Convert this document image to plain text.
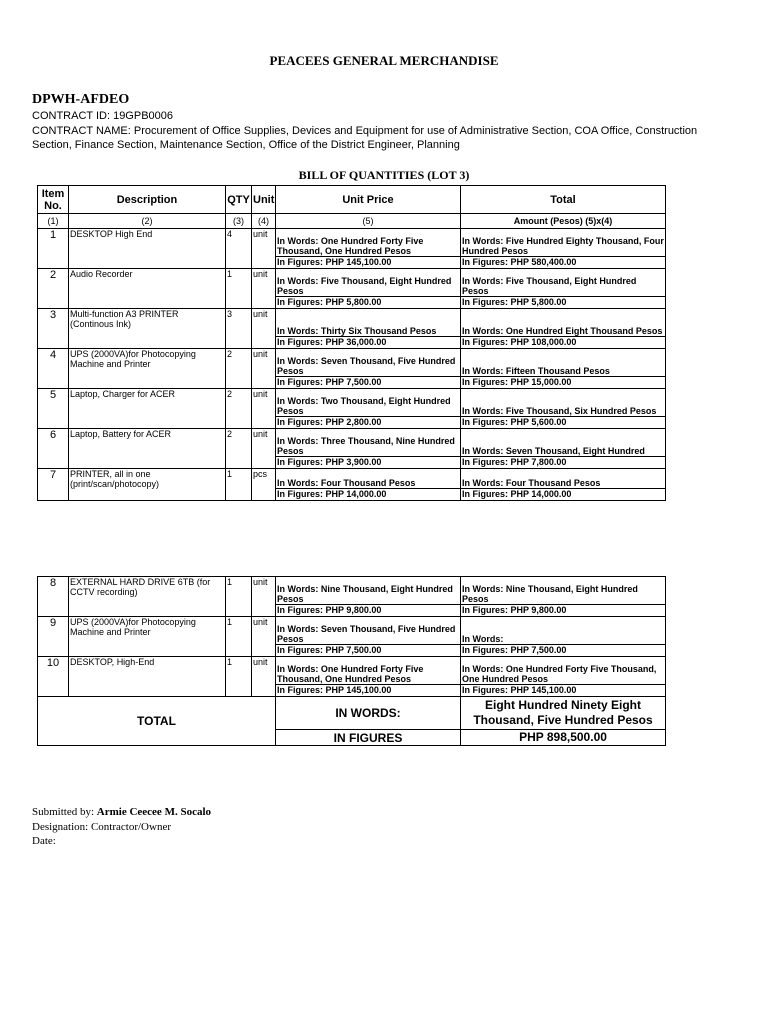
PEACEES GENERAL MERCHANDISE
DPWH-AFDEO
CONTRACT ID: 19GPB0006
CONTRACT NAME: Procurement of Office Supplies, Devices and Equipment for use of Administrative Section, COA Office, Construction Section, Finance Section, Maintenance Section, Office of the District Engineer, Planning
BILL OF QUANTITIES (LOT 3)
Item No.	Description	QTY	Unit	Unit Price	Total
(1)	(2)	(3)	(4)	(5)	Amount (Pesos) (5)x(4)
1	DESKTOP High End	4	unit	In Words: One Hundred Forty Five Thousand, One Hundred Pesos	In Words: Five Hundred Eighty Thousand, Four Hundred Pesos
				In Figures: PHP 145,100.00	In Figures: PHP 580,400.00
2	Audio Recorder	1	unit	In Words: Five Thousand, Eight Hundred Pesos	In Words: Five Thousand, Eight Hundred Pesos
				In Figures: PHP 5,800.00	In Figures: PHP 5,800.00
3	Multi-function A3 PRINTER (Continous Ink)	3	unit	In Words: Thirty Six Thousand Pesos	In Words: One Hundred Eight Thousand Pesos
				In Figures: PHP 36,000.00	In Figures: PHP 108,000.00
4	UPS (2000VA)for Photocopying Machine and Printer	2	unit	In Words: Seven Thousand, Five Hundred Pesos	In Words: Fifteen Thousand Pesos
				In Figures: PHP 7,500.00	In Figures: PHP 15,000.00
5	Laptop, Charger for ACER	2	unit	In Words: Two Thousand, Eight Hundred Pesos	In Words: Five Thousand, Six Hundred Pesos
				In Figures: PHP 2,800.00	In Figures: PHP 5,600.00
6	Laptop, Battery for ACER	2	unit	In Words: Three Thousand, Nine Hundred Pesos	In Words: Seven Thousand, Eight Hundred
				In Figures: PHP 3,900.00	In Figures: PHP 7,800.00
7	PRINTER, all in one (print/scan/photocopy)	1	pcs	In Words: Four Thousand Pesos	In Words: Four Thousand Pesos
				In Figures: PHP 14,000.00	In Figures: PHP 14,000.00
8	EXTERNAL HARD DRIVE 6TB (for CCTV recording)	1	unit	In Words: Nine Thousand, Eight Hundred Pesos	In Words: Nine Thousand, Eight Hundred Pesos
				In Figures: PHP 9,800.00	In Figures: PHP 9,800.00
9	UPS (2000VA)for Photocopying Machine and Printer	1	unit	In Words: Seven Thousand, Five Hundred Pesos	In Words:
				In Figures: PHP 7,500.00	In Figures: PHP 7,500.00
10	DESKTOP, High-End	1	unit	In Words: One Hundred Forty Five Thousand, One Hundred Pesos	In Words: One Hundred Forty Five Thousand, One Hundred Pesos
				In Figures: PHP 145,100.00	In Figures: PHP 145,100.00
TOTAL				IN WORDS:	Eight Hundred Ninety Eight Thousand, Five Hundred Pesos
				IN FIGURES	PHP 898,500.00
Submitted by: Armie Ceecee M. Socalo
Designation: Contractor/Owner
Date:
